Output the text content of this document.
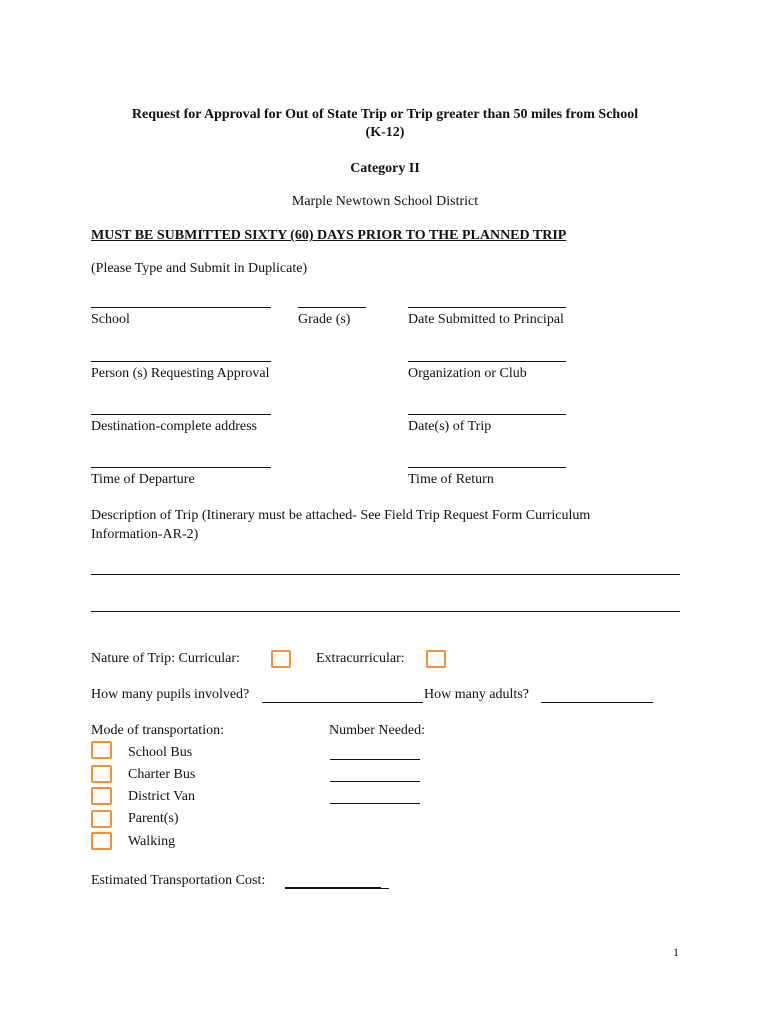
Request for Approval for Out of State Trip or Trip greater than 50 miles from School
(K-12)
Category II
Marple Newtown School District
MUST BE SUBMITTED SIXTY (60) DAYS PRIOR TO THE PLANNED TRIP
(Please Type and Submit in Duplicate)
School	Grade (s)	Date Submitted to Principal
Person (s) Requesting Approval	Organization or Club
Destination-complete address	Date(s) of Trip
Time of Departure	Time of Return
Description of Trip (Itinerary must be attached- See Field Trip Request Form Curriculum
Information-AR-2)
Nature of Trip: Curricular:	Extracurricular:
How many pupils involved?	How many adults?
Mode of transportation:	Number Needed:
School Bus
Charter Bus
District Van
Parent(s)
Walking
Estimated Transportation Cost:
1
